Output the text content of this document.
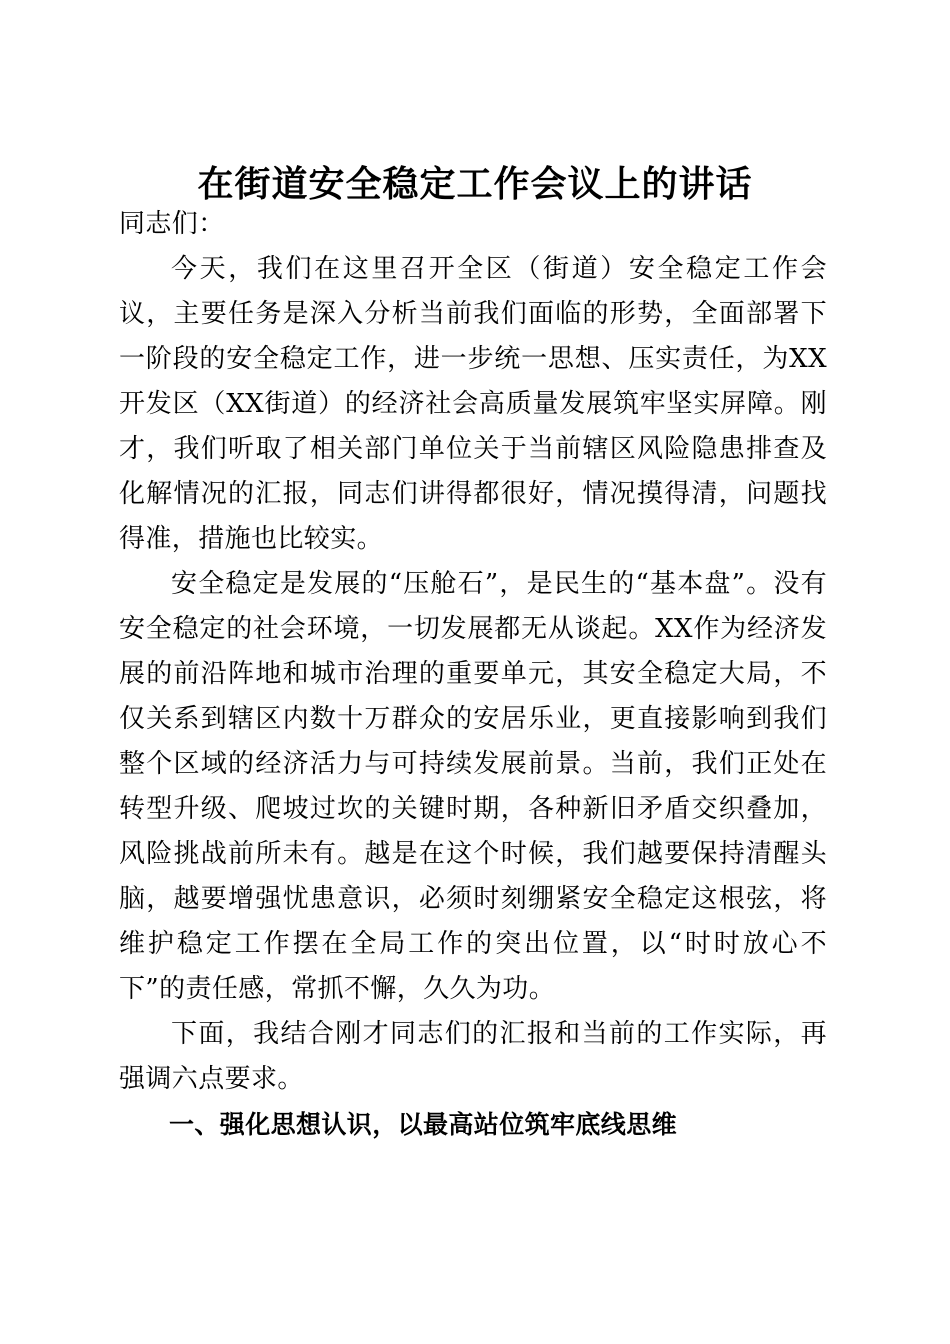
在街道安全稳定工作会议上的讲话

同志们：

今天，我们在这里召开全区（街道）安全稳定工作会议，主要任务是深入分析当前我们面临的形势，全面部署下一阶段的安全稳定工作，进一步统一思想、压实责任，为XX开发区（XX街道）的经济社会高质量发展筑牢坚实屏障。刚才，我们听取了相关部门单位关于当前辖区风险隐患排查及化解情况的汇报，同志们讲得都很好，情况摸得清，问题找得准，措施也比较实。

安全稳定是发展的“压舱石”，是民生的“基本盘”。没有安全稳定的社会环境，一切发展都无从谈起。XX作为经济发展的前沿阵地和城市治理的重要单元，其安全稳定大局，不仅关系到辖区内数十万群众的安居乐业，更直接影响到我们整个区域的经济活力与可持续发展前景。当前，我们正处在转型升级、爬坡过坎的关键时期，各种新旧矛盾交织叠加，风险挑战前所未有。越是在这个时候，我们越要保持清醒头脑，越要增强忧患意识，必须时刻绷紧安全稳定这根弦，将维护稳定工作摆在全局工作的突出位置，以“时时放心不下”的责任感，常抓不懈，久久为功。

下面，我结合刚才同志们的汇报和当前的工作实际，再强调六点要求。

一、强化思想认识，以最高站位筑牢底线思维
